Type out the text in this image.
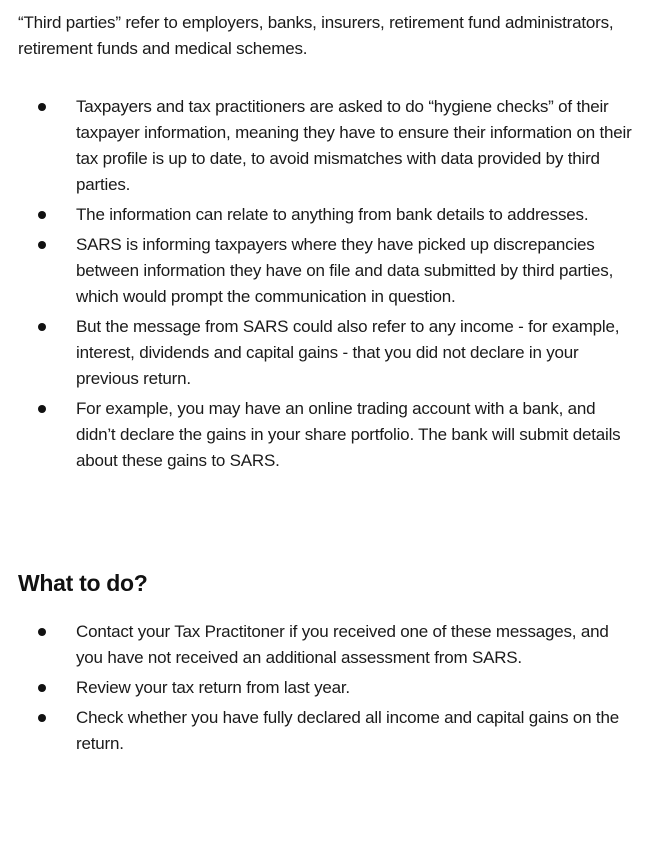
“Third parties” refer to employers, banks, insurers, retirement fund administrators, retirement funds and medical schemes.

Taxpayers and tax practitioners are asked to do “hygiene checks” of their taxpayer information, meaning they have to ensure their information on their tax profile is up to date, to avoid mismatches with data provided by third parties.
The information can relate to anything from bank details to addresses.
SARS is informing taxpayers where they have picked up discrepancies between information they have on file and data submitted by third parties, which would prompt the communication in question.
But the message from SARS could also refer to any income - for example, interest, dividends and capital gains - that you did not declare in your previous return.
For example, you may have an online trading account with a bank, and didn’t declare the gains in your share portfolio. The bank will submit details about these gains to SARS.
What to do?
Contact your Tax Practitoner if you received one of these messages, and you have not received an additional assessment from SARS.
Review your tax return from last year.
Check whether you have fully declared all income and capital gains on the return.
